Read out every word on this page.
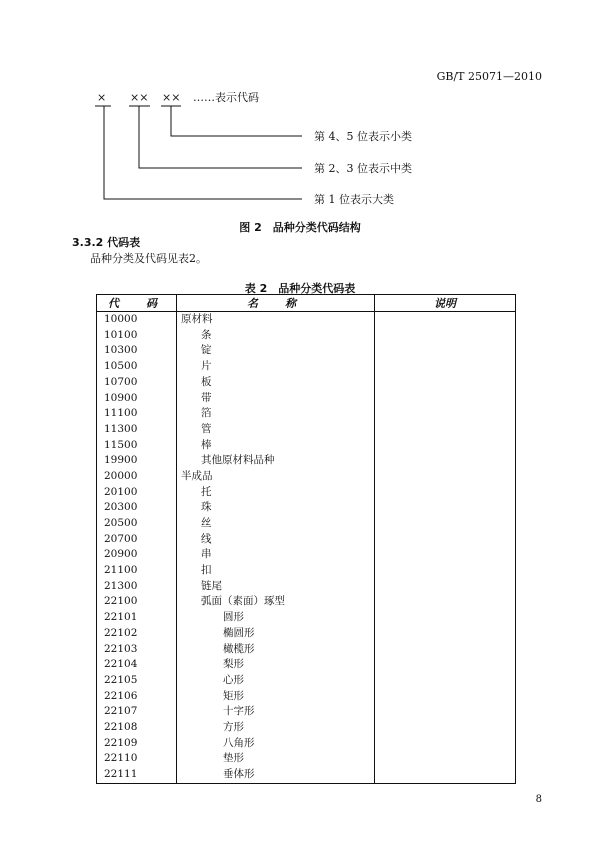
GB/T 25071—2010
× ×× ×× ……表示代码
第 4、5 位表示小类
第 2、3 位表示中类
第 1 位表示大类
图 2　品种分类代码结构
3.3.2 代码表
品种分类及代码见表2。
表 2　品种分类代码表
代　码	名　称	说明
10000	原材料	
10100	条	
10300	锭	
10500	片	
10700	板	
10900	带	
11100	箔	
11300	管	
11500	棒	
19900	其他原材料品种	
20000	半成品	
20100	托	
20300	珠	
20500	丝	
20700	线	
20900	串	
21100	扣	
21300	链尾	
22100	弧面（素面）琢型	
22101	圆形	
22102	椭圆形	
22103	橄榄形	
22104	梨形	
22105	心形	
22106	矩形	
22107	十字形	
22108	方形	
22109	八角形	
22110	垫形	
22111	垂体形	
8
